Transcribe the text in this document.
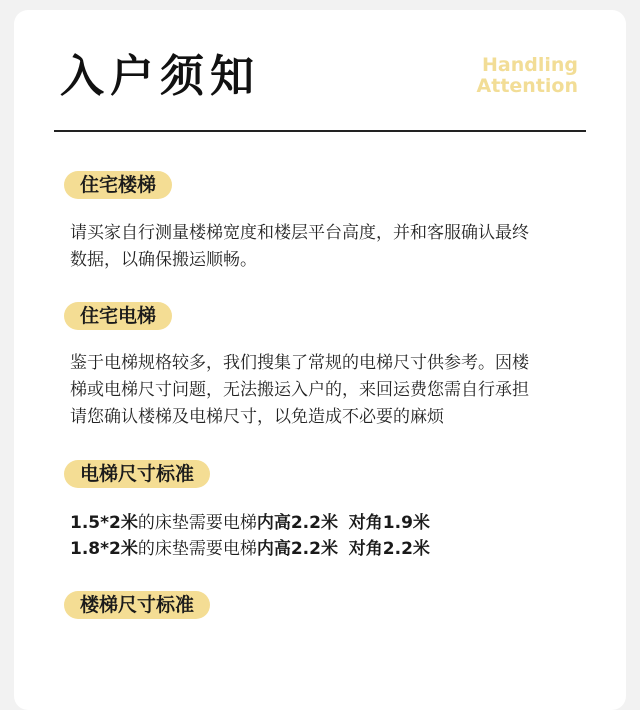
入户须知	Handling
Attention
住宅楼梯
请买家自行测量楼梯宽度和楼层平台高度，并和客服确认最终
数据，以确保搬运顺畅。
住宅电梯
鉴于电梯规格较多，我们搜集了常规的电梯尺寸供参考。因楼
梯或电梯尺寸问题，无法搬运入户的，来回运费您需自行承担
请您确认楼梯及电梯尺寸，以免造成不必要的麻烦
电梯尺寸标准
1.5*2米的床垫需要电梯内高2.2米 对角1.9米
1.8*2米的床垫需要电梯内高2.2米 对角2.2米
楼梯尺寸标准
